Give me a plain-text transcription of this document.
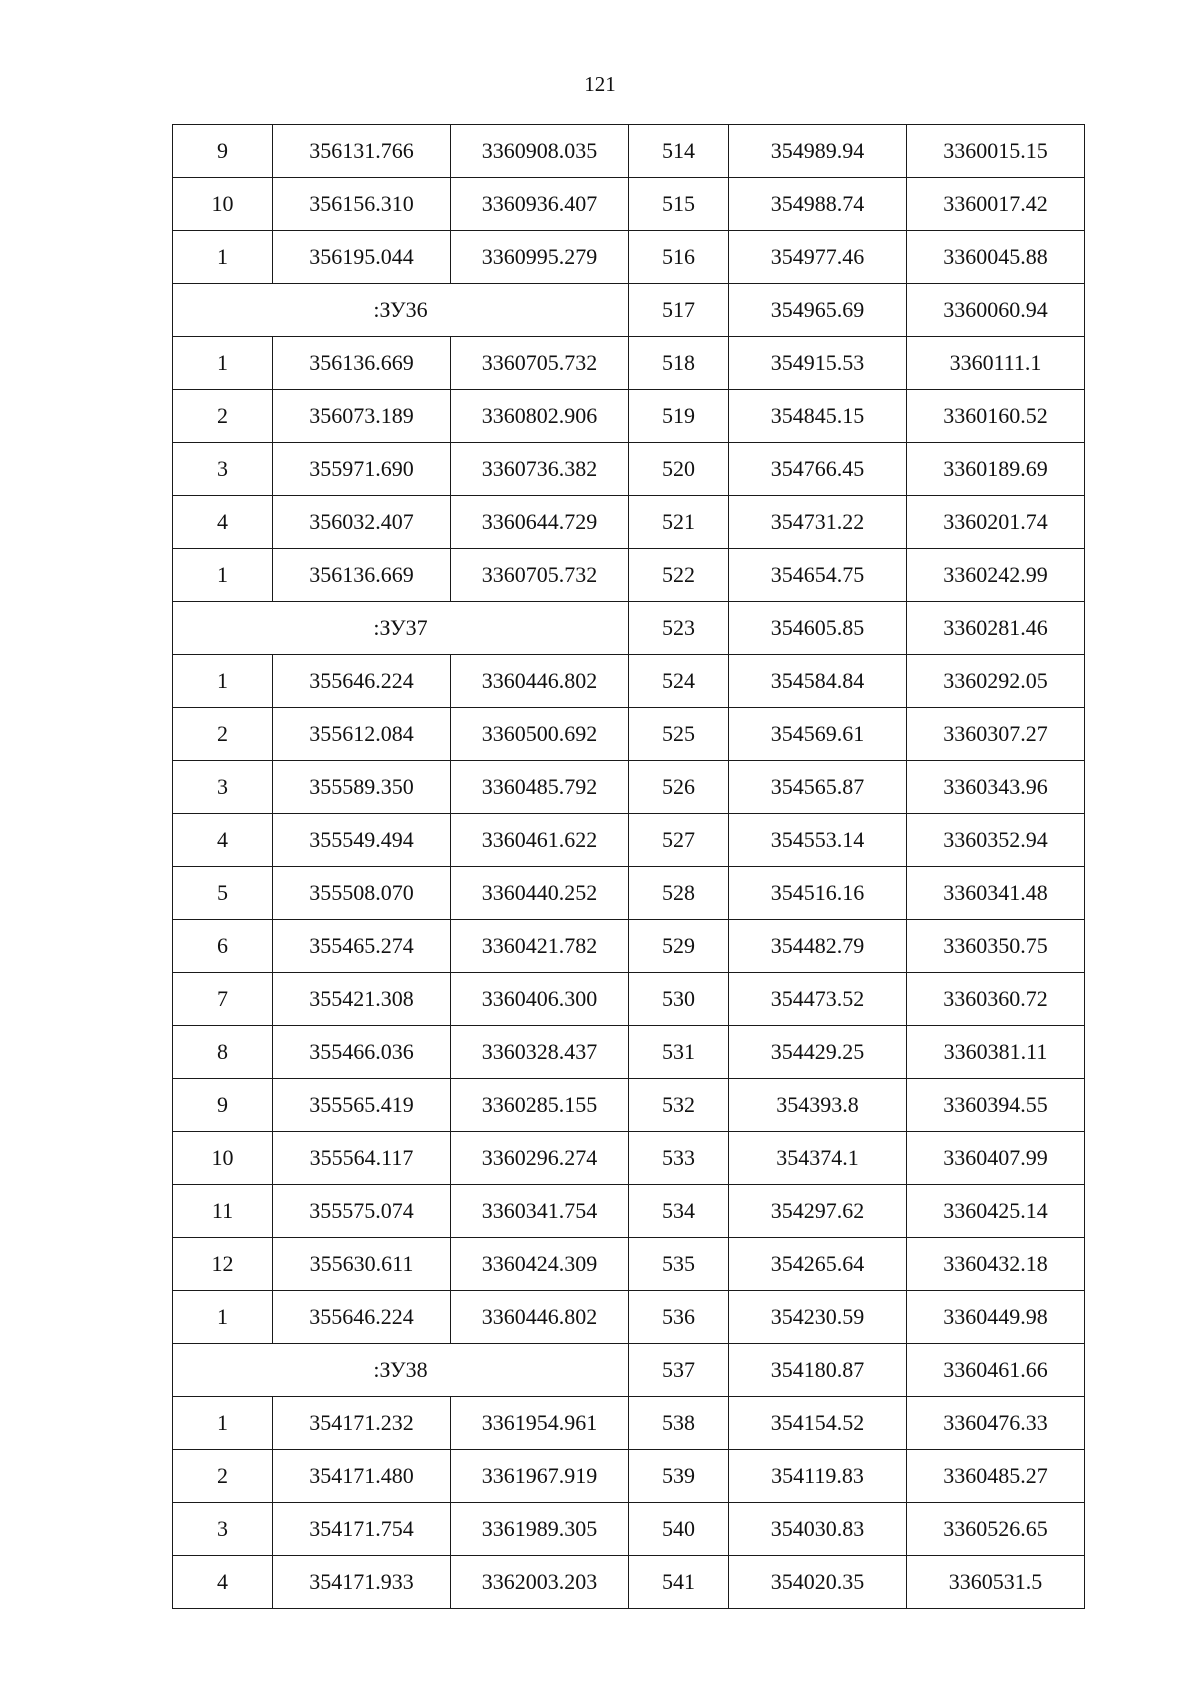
121
9	356131.766	3360908.035	514	354989.94	3360015.15
10	356156.310	3360936.407	515	354988.74	3360017.42
1	356195.044	3360995.279	516	354977.46	3360045.88
:ЗУ36			517	354965.69	3360060.94
1	356136.669	3360705.732	518	354915.53	3360111.1
2	356073.189	3360802.906	519	354845.15	3360160.52
3	355971.690	3360736.382	520	354766.45	3360189.69
4	356032.407	3360644.729	521	354731.22	3360201.74
1	356136.669	3360705.732	522	354654.75	3360242.99
:ЗУ37			523	354605.85	3360281.46
1	355646.224	3360446.802	524	354584.84	3360292.05
2	355612.084	3360500.692	525	354569.61	3360307.27
3	355589.350	3360485.792	526	354565.87	3360343.96
4	355549.494	3360461.622	527	354553.14	3360352.94
5	355508.070	3360440.252	528	354516.16	3360341.48
6	355465.274	3360421.782	529	354482.79	3360350.75
7	355421.308	3360406.300	530	354473.52	3360360.72
8	355466.036	3360328.437	531	354429.25	3360381.11
9	355565.419	3360285.155	532	354393.8	3360394.55
10	355564.117	3360296.274	533	354374.1	3360407.99
11	355575.074	3360341.754	534	354297.62	3360425.14
12	355630.611	3360424.309	535	354265.64	3360432.18
1	355646.224	3360446.802	536	354230.59	3360449.98
:ЗУ38			537	354180.87	3360461.66
1	354171.232	3361954.961	538	354154.52	3360476.33
2	354171.480	3361967.919	539	354119.83	3360485.27
3	354171.754	3361989.305	540	354030.83	3360526.65
4	354171.933	3362003.203	541	354020.35	3360531.5
